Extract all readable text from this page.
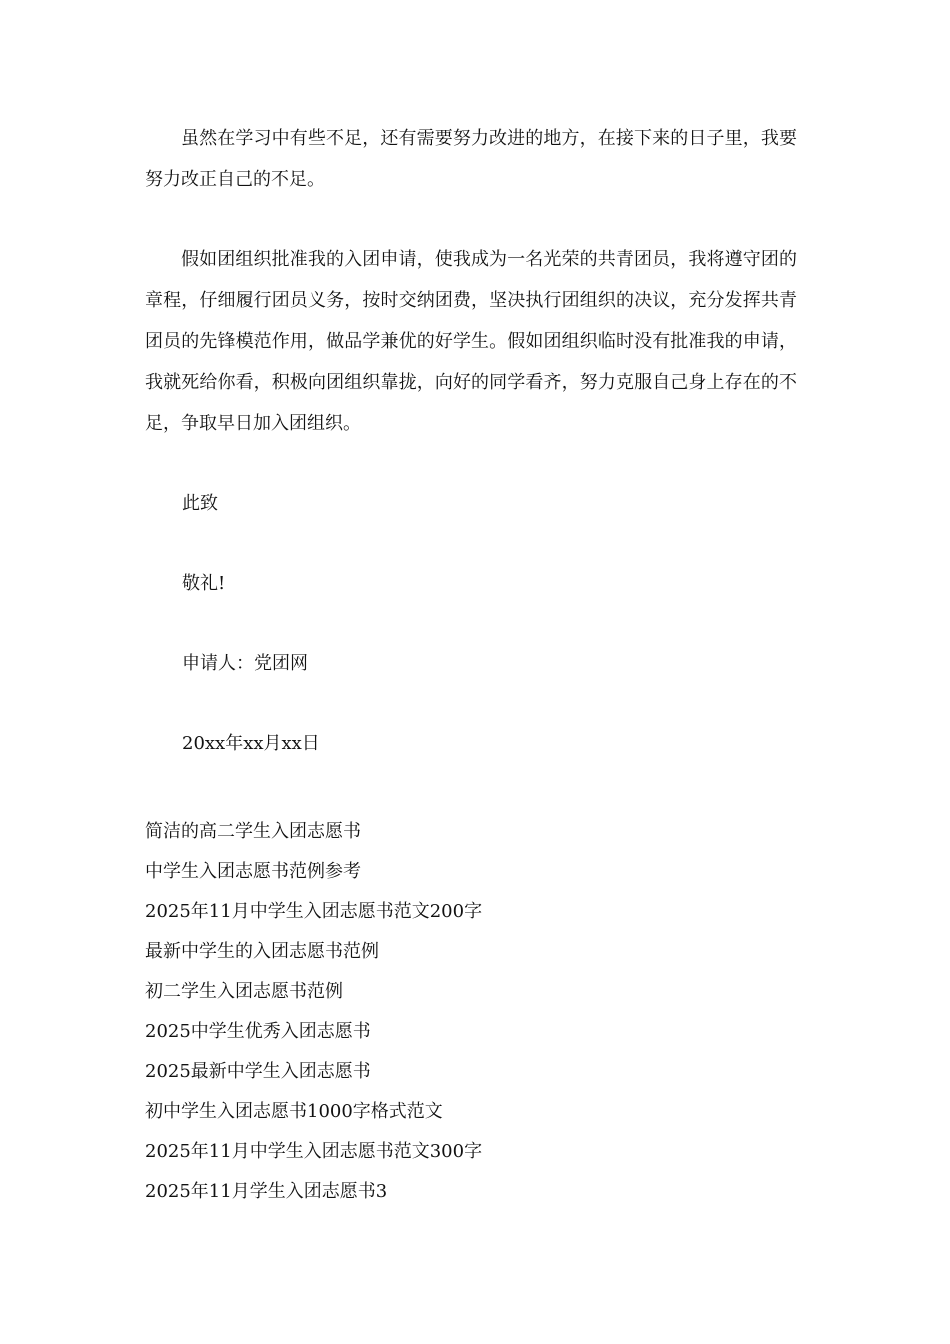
虽然在学习中有些不足，还有需要努力改进的地方，在接下来的日子里，我要努力改正自己的不足。

假如团组织批准我的入团申请，使我成为一名光荣的共青团员，我将遵守团的章程，仔细履行团员义务，按时交纳团费，坚决执行团组织的决议，充分发挥共青团员的先锋模范作用，做品学兼优的好学生。假如团组织临时没有批准我的申请，我就死给你看，积极向团组织靠拢，向好的同学看齐，努力克服自己身上存在的不足，争取早日加入团组织。

此致

敬礼!

申请人：党团网

20xx年xx月xx日

简洁的高二学生入团志愿书
中学生入团志愿书范例参考
2025年11月中学生入团志愿书范文200字
最新中学生的入团志愿书范例
初二学生入团志愿书范例
2025中学生优秀入团志愿书
2025最新中学生入团志愿书
初中学生入团志愿书1000字格式范文
2025年11月中学生入团志愿书范文300字
2025年11月学生入团志愿书3
